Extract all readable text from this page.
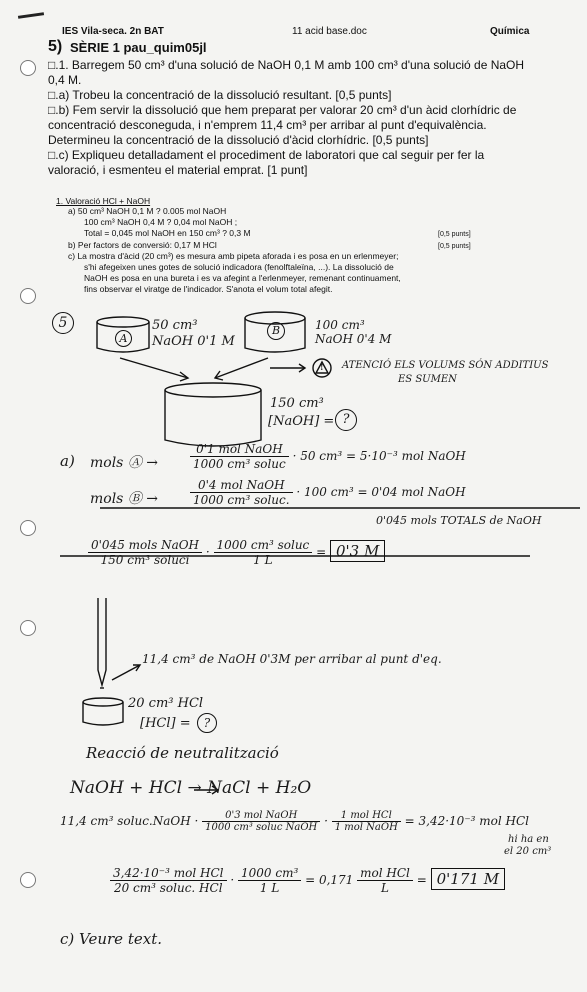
IES Vila-seca. 2n BAT	11 acid base.doc	Química
5) SÈRIE 1 pau_quim05jl
□.1. Barregem 50 cm³ d'una solució de NaOH 0,1 M amb 100 cm³ d'una solució de NaOH 0,4 M.
□.a) Trobeu la concentració de la dissolució resultant. [0,5 punts]
□.b) Fem servir la dissolució que hem preparat per valorar 20 cm³ d'un àcid clorhídric de concentració desconeguda, i n'emprem 11,4 cm³ per arribar al punt d'equivalència. Determineu la concentració de la dissolució d'àcid clorhídric. [0,5 punts]
□.c) Expliqueu detalladament el procediment de laboratori que cal seguir per fer la valoració, i esmenteu el material emprat. [1 punt]
1. Valoració HCl + NaOH
a) 50 cm³ NaOH 0,1 M ? 0.005 mol NaOH
100 cm³ NaOH 0,4 M ? 0,04 mol NaOH ;
Total = 0,045 mol NaOH en 150 cm³ ? 0,3 M	[0,5 punts]
b) Per factors de conversió: 0,17 M HCl	[0,5 punts]
c) La mostra d'àcid (20 cm³) es mesura amb pipeta aforada i es posa en un erlenmeyer;
s'hi afegeixen unes gotes de solució indicadora (fenolftaleïna, ...). La dissolució de
NaOH es posa en una bureta i es va afegint a l'erlenmeyer, remenant continuament,
fins observar el viratge de l'indicador. S'anota el volum total afegit.
5
A
50 cm³
NaOH 0'1 M
B	100 cm³
NaOH 0'4 M
! ATENCIÓ ELS VOLUMS SÓN ADDITIUS
ES SUMEN
150 cm³
[NaOH] = ?
a) mols Ⓐ →	$\frac{\text{0'1 mol NaOH}}{\text{1000 cm³ soluc}} \cdot 50$ cm³ = 5·10⁻³ mol NaOH
mols Ⓑ →	$\frac{\text{0'4 mol NaOH}}{\text{1000 cm³ soluc.}} \cdot 100$ cm³ = 0'04 mol NaOH
0'045 mols TOTALS de NaOH
$\frac{\text{0'045 mols NaOH}}{\text{150 cm³ soluci}} \cdot \frac{\text{1000 cm³ soluc}}{1 L} = 0'3$ M
11,4 cm³ de NaOH 0'3M per arribar al punt d'eq.
20 cm³ HCl
[HCl] =	?
Reacció de neutralització
NaOH + HCl → NaCl + H₂O
11,4 cm³ soluc.NaOH · $\frac{\text{0'3 mol NaOH}}{\text{1000 cm³ soluc NaOH}} \cdot \frac{\text{1 mol HCl}}{\text{1 mol NaOH}} = 3,42\cdot 10^{-3}$ mol HCl
hi ha en
el 20 cm³
$\frac{\text{3,42·10⁻³ mol HCl}}{\text{20 cm³ soluc. HCl}} \cdot \frac{\text{1000 cm³}}{1 L} = 0,171 \frac{\text{mol HCl}}{L} = 0'171$ M
c) Veure text.
